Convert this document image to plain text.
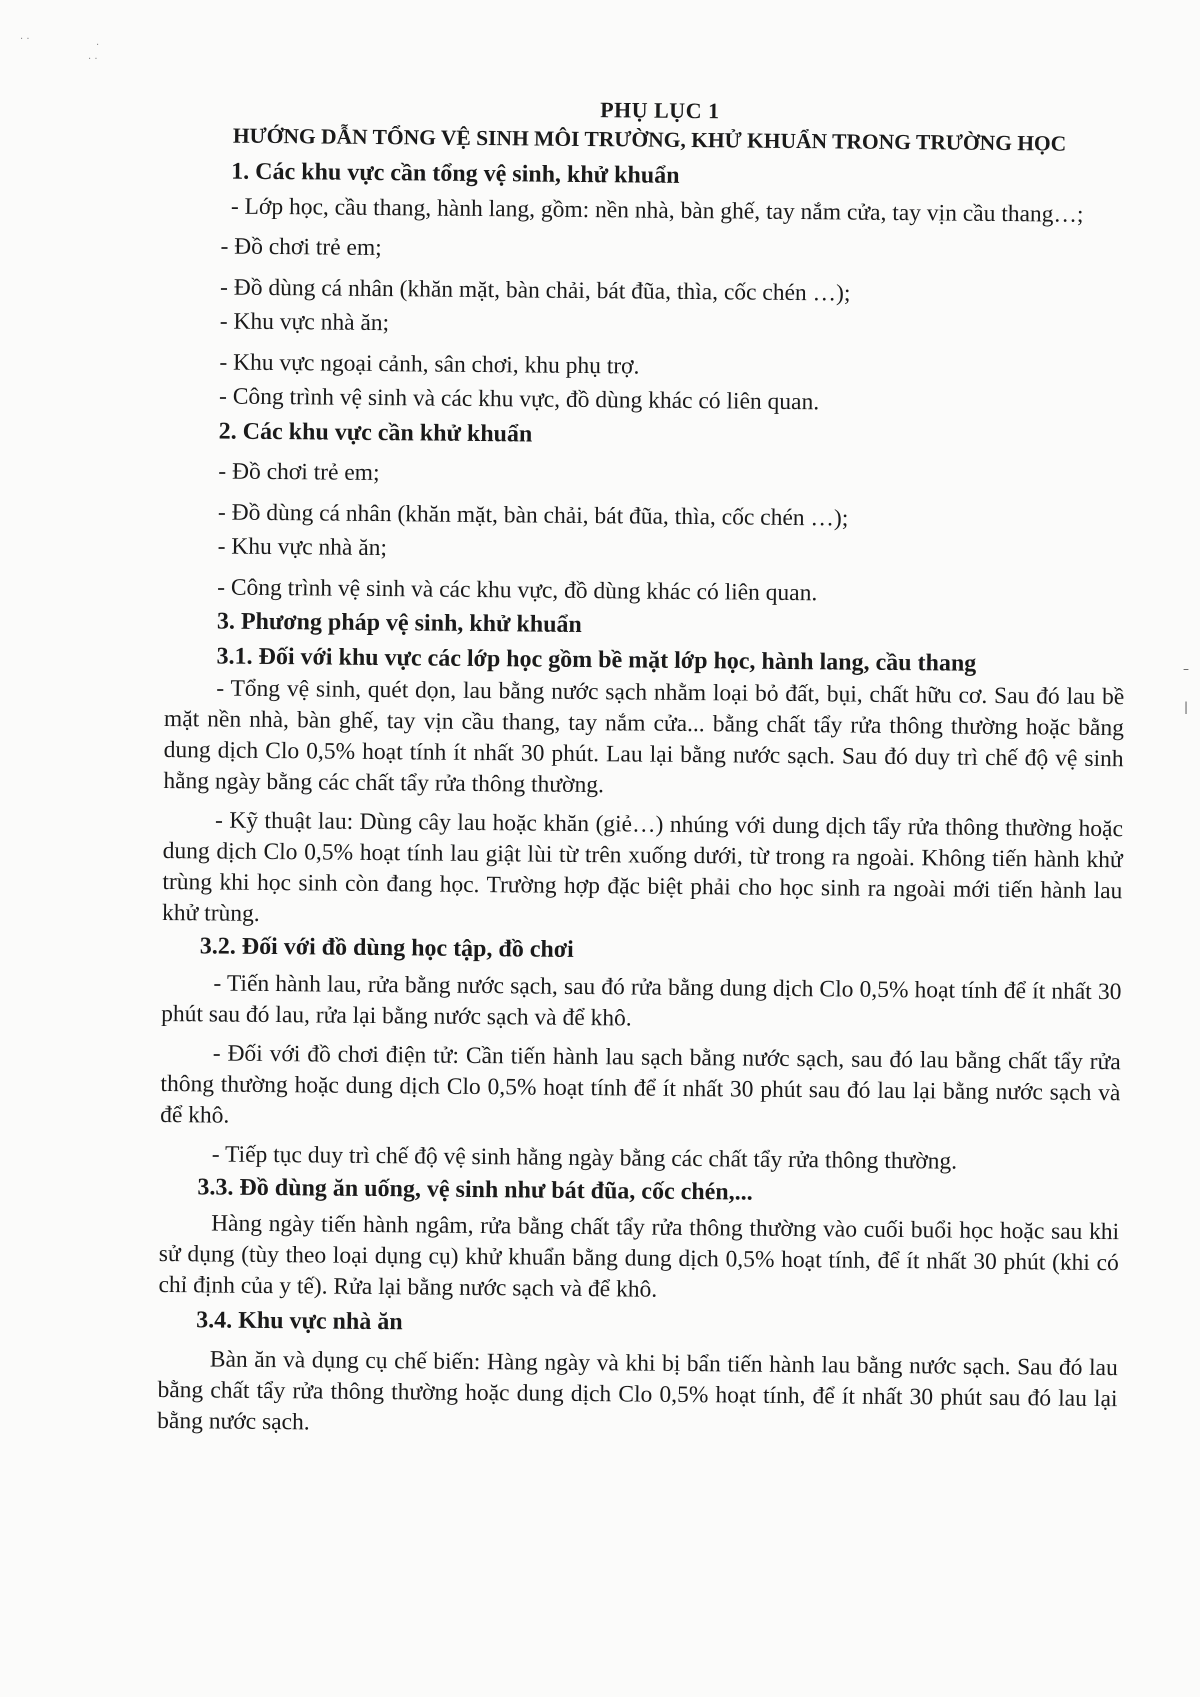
· ·
·
· ·
–
|
PHỤ LỤC 1
HƯỚNG DẪN TỔNG VỆ SINH MÔI TRƯỜNG, KHỬ KHUẨN TRONG TRƯỜNG HỌC
1. Các khu vực cần tổng vệ sinh, khử khuẩn
- Lớp học, cầu thang, hành lang, gồm: nền nhà, bàn ghế, tay nắm cửa, tay vịn cầu thang…;
- Đồ chơi trẻ em;
- Đồ dùng cá nhân (khăn mặt, bàn chải, bát đũa, thìa, cốc chén …);
- Khu vực nhà ăn;
- Khu vực ngoại cảnh, sân chơi, khu phụ trợ.
- Công trình vệ sinh và các khu vực, đồ dùng khác có liên quan.
2. Các khu vực cần khử khuẩn
- Đồ chơi trẻ em;
- Đồ dùng cá nhân (khăn mặt, bàn chải, bát đũa, thìa, cốc chén …);
- Khu vực nhà ăn;
- Công trình vệ sinh và các khu vực, đồ dùng khác có liên quan.
3. Phương pháp vệ sinh, khử khuẩn
3.1. Đối với khu vực các lớp học gồm bề mặt lớp học, hành lang, cầu thang
- Tổng vệ sinh, quét dọn, lau bằng nước sạch nhằm loại bỏ đất, bụi, chất hữu cơ. Sau đó lau bề mặt nền nhà, bàn ghế, tay vịn cầu thang, tay nắm cửa... bằng chất tẩy rửa thông thường hoặc bằng dung dịch Clo 0,5% hoạt tính ít nhất 30 phút. Lau lại bằng nước sạch. Sau đó duy trì chế độ vệ sinh hằng ngày bằng các chất tẩy rửa thông thường.
- Kỹ thuật lau: Dùng cây lau hoặc khăn (giẻ…) nhúng với dung dịch tẩy rửa thông thường hoặc dung dịch Clo 0,5% hoạt tính lau giật lùi từ trên xuống dưới, từ trong ra ngoài. Không tiến hành khử trùng khi học sinh còn đang học. Trường hợp đặc biệt phải cho học sinh ra ngoài mới tiến hành lau khử trùng.
3.2. Đối với đồ dùng học tập, đồ chơi
- Tiến hành lau, rửa bằng nước sạch, sau đó rửa bằng dung dịch Clo 0,5% hoạt tính để ít nhất 30 phút sau đó lau, rửa lại bằng nước sạch và để khô.
- Đối với đồ chơi điện tử: Cần tiến hành lau sạch bằng nước sạch, sau đó lau bằng chất tẩy rửa thông thường hoặc dung dịch Clo 0,5% hoạt tính để ít nhất 30 phút sau đó lau lại bằng nước sạch và để khô.
- Tiếp tục duy trì chế độ vệ sinh hằng ngày bằng các chất tẩy rửa thông thường.
3.3. Đồ dùng ăn uống, vệ sinh như bát đũa, cốc chén,...
Hàng ngày tiến hành ngâm, rửa bằng chất tẩy rửa thông thường vào cuối buổi học hoặc sau khi sử dụng (tùy theo loại dụng cụ) khử khuẩn bằng dung dịch 0,5% hoạt tính, để ít nhất 30 phút (khi có chỉ định của y tế). Rửa lại bằng nước sạch và để khô.
3.4. Khu vực nhà ăn
Bàn ăn và dụng cụ chế biến: Hàng ngày và khi bị bẩn tiến hành lau bằng nước sạch. Sau đó lau bằng chất tẩy rửa thông thường hoặc dung dịch Clo 0,5% hoạt tính, để ít nhất 30 phút sau đó lau lại bằng nước sạch.
